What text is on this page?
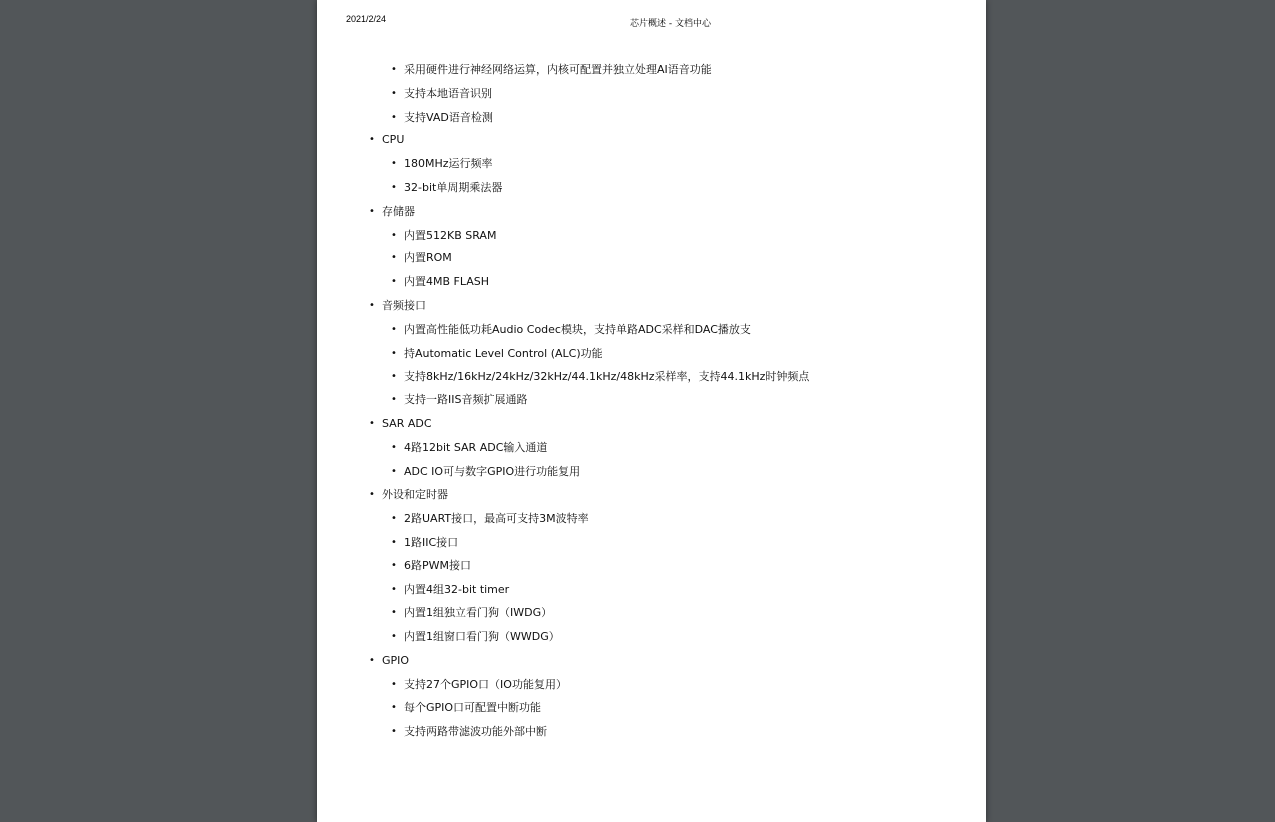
2021/2/24	芯片概述 - 文档中心
• 采用硬件进行神经网络运算，内核可配置并独立处理AI语音功能
• 支持本地语音识别
• 支持VAD语音检测
• CPU
• 180MHz运行频率
• 32-bit单周期乘法器
• 存储器
• 内置512KB SRAM
• 内置ROM
• 内置4MB FLASH
• 音频接口
• 内置高性能低功耗Audio Codec模块，支持单路ADC采样和DAC播放支
• 持Automatic Level Control (ALC)功能
• 支持8kHz/16kHz/24kHz/32kHz/44.1kHz/48kHz采样率，支持44.1kHz时钟频点
• 支持一路IIS音频扩展通路
• SAR ADC
• 4路12bit SAR ADC输入通道
• ADC IO可与数字GPIO进行功能复用
• 外设和定时器
• 2路UART接口，最高可支持3M波特率
• 1路IIC接口
• 6路PWM接口
• 内置4组32-bit timer
• 内置1组独立看门狗（IWDG）
• 内置1组窗口看门狗（WWDG）
• GPIO
• 支持27个GPIO口（IO功能复用）
• 每个GPIO口可配置中断功能
• 支持两路带滤波功能外部中断
